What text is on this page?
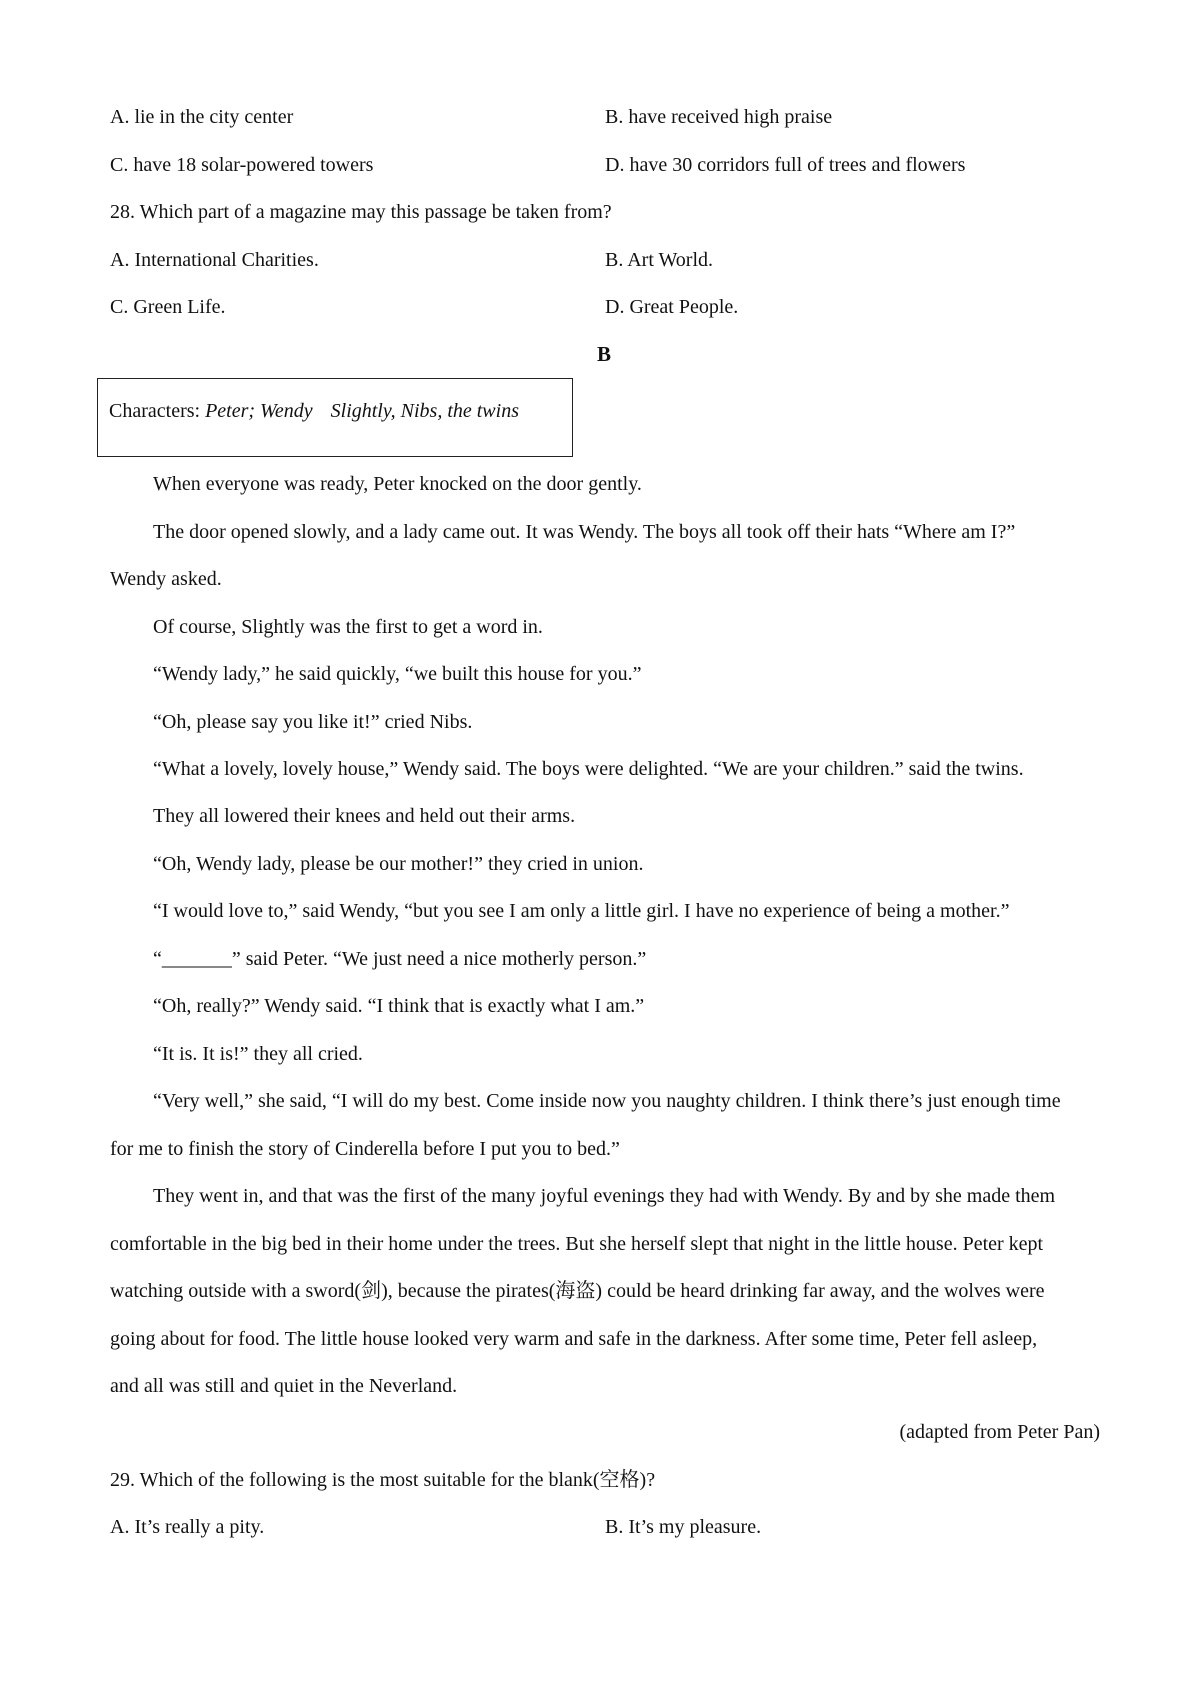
A. lie in the city center	B. have received high praise
C. have 18 solar-powered towers	D. have 30 corridors full of trees and flowers
28. Which part of a magazine may this passage be taken from?
A. International Charities.	B. Art World.
C. Green Life.	D. Great People.
B
Characters: Peter; Wendy Slightly, Nibs, the twins
When everyone was ready, Peter knocked on the door gently.
The door opened slowly, and a lady came out. It was Wendy. The boys all took off their hats “Where am I?”
Wendy asked.
Of course, Slightly was the first to get a word in.
“Wendy lady,” he said quickly, “we built this house for you.”
“Oh, please say you like it!” cried Nibs.
“What a lovely, lovely house,” Wendy said. The boys were delighted. “We are your children.” said the twins.
They all lowered their knees and held out their arms.
“Oh, Wendy lady, please be our mother!” they cried in union.
“I would love to,” said Wendy, “but you see I am only a little girl. I have no experience of being a mother.”
“_______” said Peter. “We just need a nice motherly person.”
“Oh, really?” Wendy said. “I think that is exactly what I am.”
“It is. It is!” they all cried.
“Very well,” she said, “I will do my best. Come inside now you naughty children. I think there’s just enough time
for me to finish the story of Cinderella before I put you to bed.”
They went in, and that was the first of the many joyful evenings they had with Wendy. By and by she made them
comfortable in the big bed in their home under the trees. But she herself slept that night in the little house. Peter kept
watching outside with a sword(剑), because the pirates(海盗) could be heard drinking far away, and the wolves were
going about for food. The little house looked very warm and safe in the darkness. After some time, Peter fell asleep,
and all was still and quiet in the Neverland.
(adapted from Peter Pan)
29. Which of the following is the most suitable for the blank(空格)?
A. It’s really a pity.	B. It’s my pleasure.
